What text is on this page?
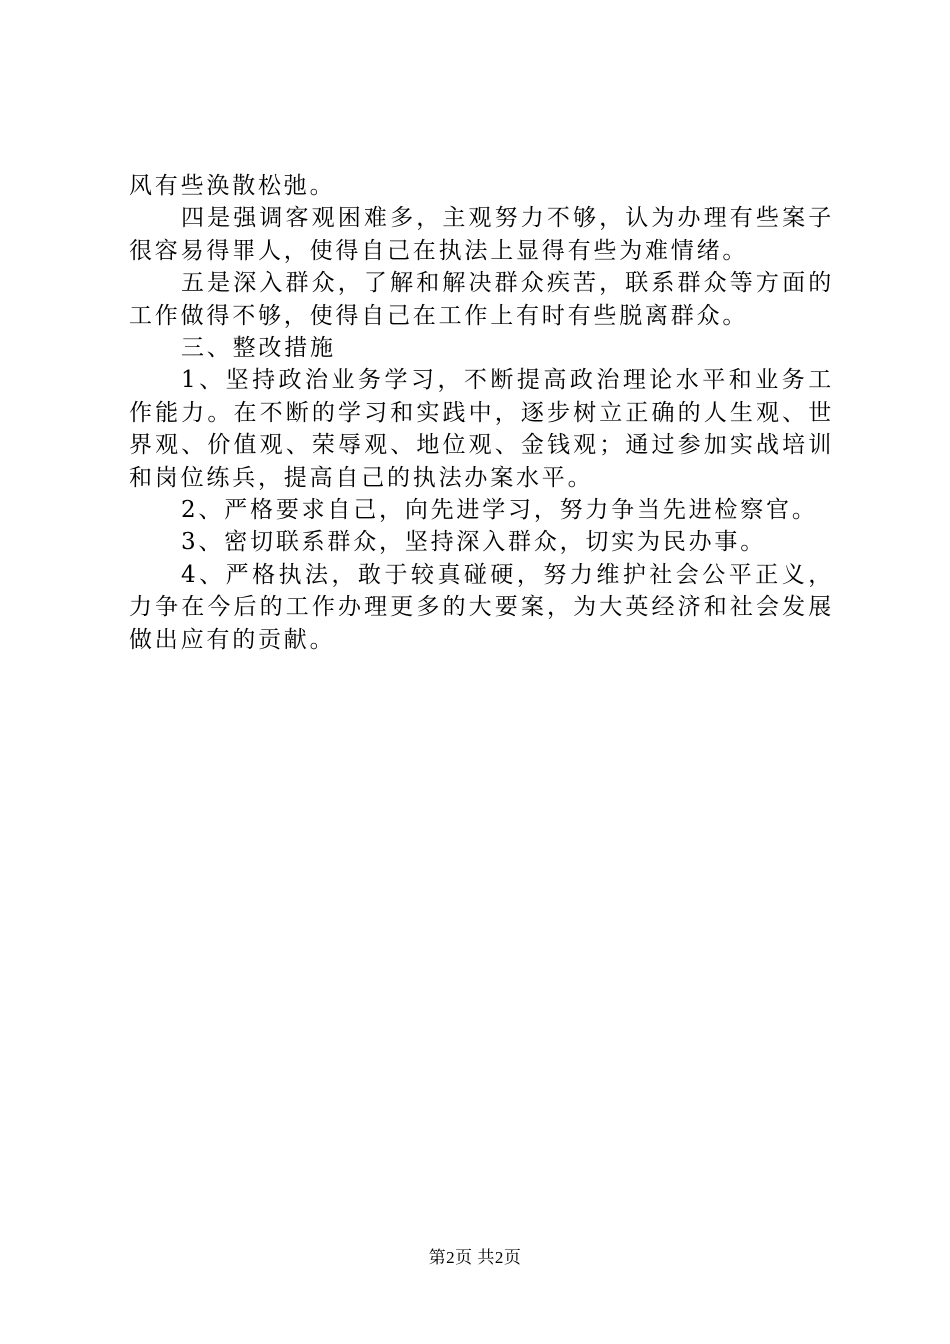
风有些涣散松弛。

四是强调客观困难多，主观努力不够，认为办理有些案子很容易得罪人，使得自己在执法上显得有些为难情绪。

五是深入群众，了解和解决群众疾苦，联系群众等方面的工作做得不够，使得自己在工作上有时有些脱离群众。

三、整改措施

1、坚持政治业务学习，不断提高政治理论水平和业务工作能力。在不断的学习和实践中，逐步树立正确的人生观、世界观、价值观、荣辱观、地位观、金钱观；通过参加实战培训和岗位练兵，提高自己的执法办案水平。

2、严格要求自己，向先进学习，努力争当先进检察官。

3、密切联系群众，坚持深入群众，切实为民办事。

4、严格执法，敢于较真碰硬，努力维护社会公平正义，力争在今后的工作办理更多的大要案，为大英经济和社会发展做出应有的贡献。

第2页 共2页
